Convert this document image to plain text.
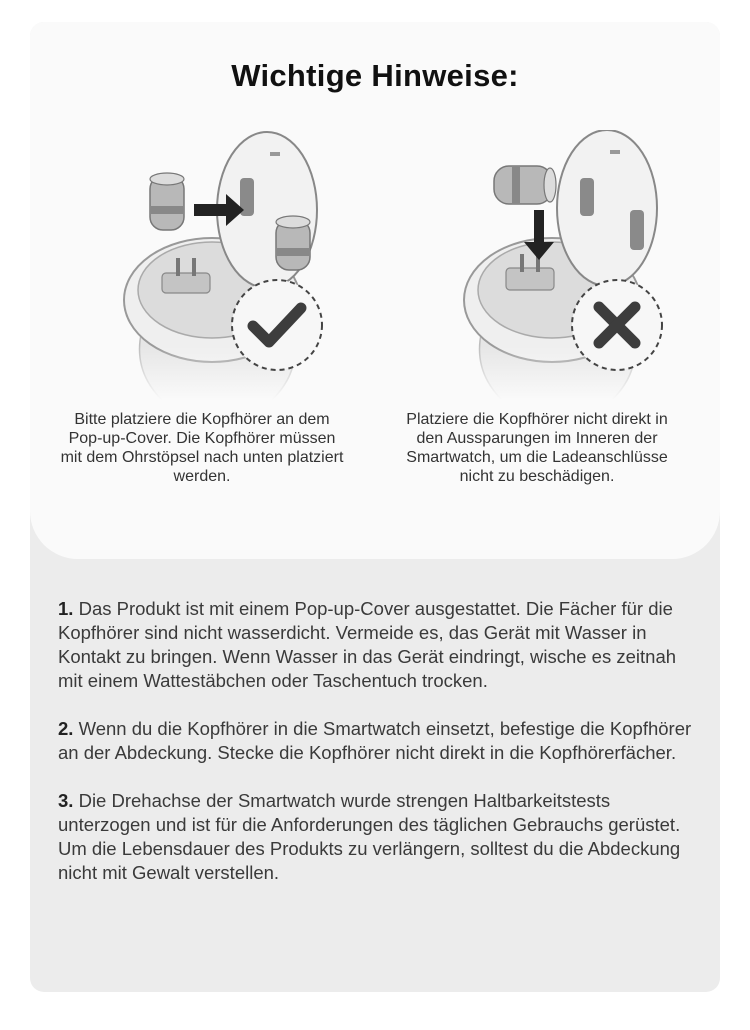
Wichtige Hinweise:
Bitte platziere die Kopfhörer an dem Pop-up-Cover. Die Kopfhörer müssen mit dem Ohrstöpsel nach unten platziert werden.
Platziere die Kopfhörer nicht direkt in den Aussparungen im Inneren der Smartwatch, um die Ladeanschlüsse nicht zu beschädigen.

1. Das Produkt ist mit einem Pop-up-Cover ausgestattet. Die Fächer für die Kopfhörer sind nicht wasserdicht. Vermeide es, das Gerät mit Wasser in Kontakt zu bringen. Wenn Wasser in das Gerät eindringt, wische es zeitnah mit einem Wattestäbchen oder Taschentuch trocken.

2. Wenn du die Kopfhörer in die Smartwatch einsetzt, befestige die Kopfhörer an der Abdeckung. Stecke die Kopfhörer nicht direkt in die Kopfhörerfächer.

3. Die Drehachse der Smartwatch wurde strengen Haltbarkeitstests unterzogen und ist für die Anforderungen des täglichen Gebrauchs gerüstet. Um die Lebensdauer des Produkts zu verlängern, solltest du die Abdeckung nicht mit Gewalt verstellen.
